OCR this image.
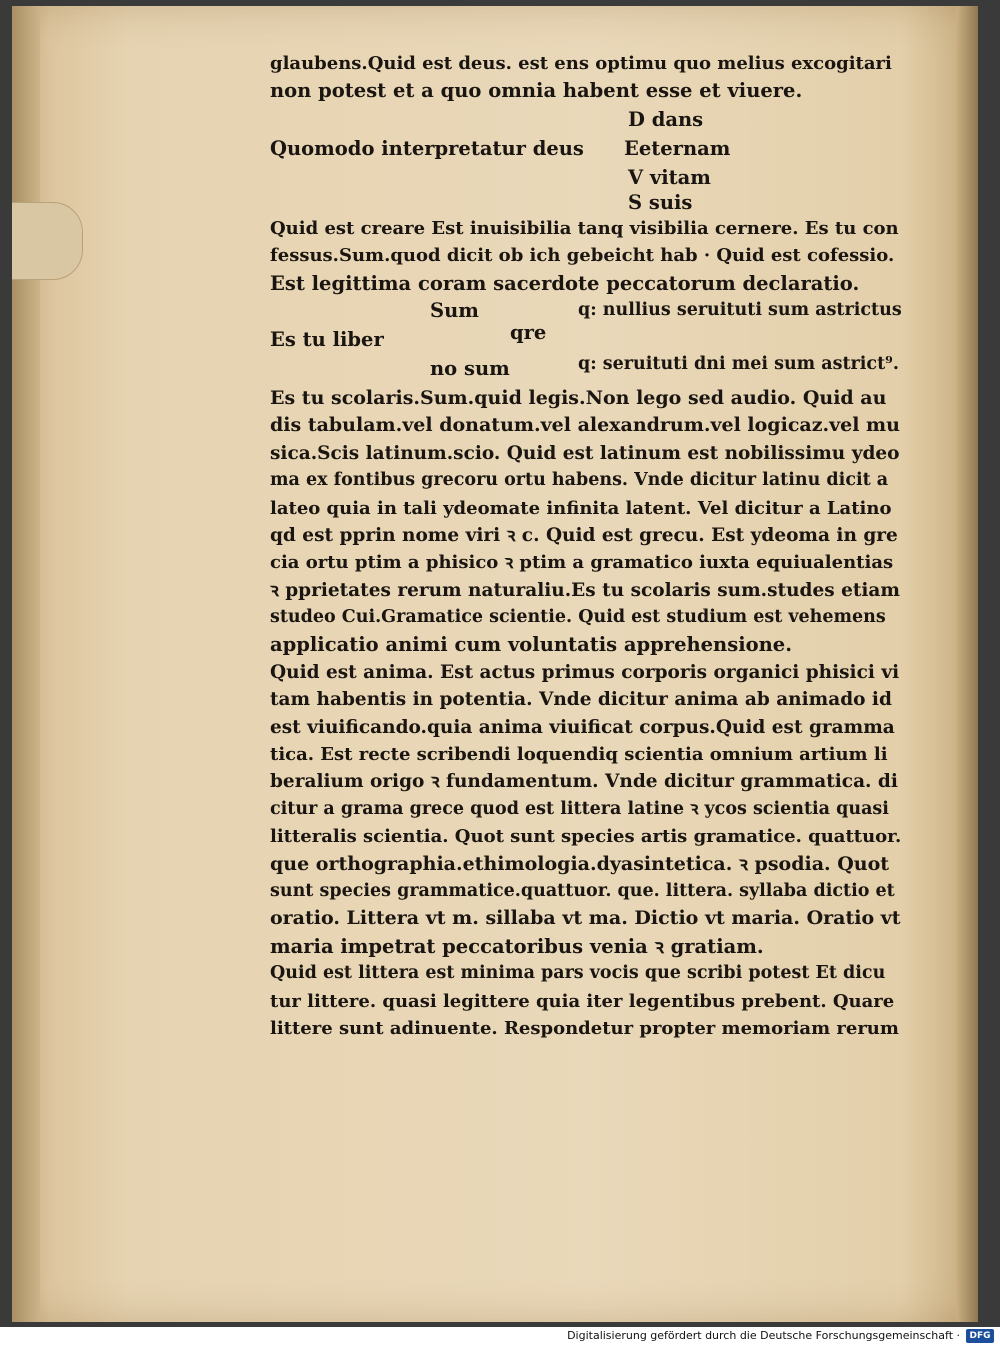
glaubens.Quid est deus. est ens optimu quo melius excogitari
non potest et a quo omnia habent esse et viuere.
D dans
Quomodo interpretatur deus Eeternam
V vitam
S suis
Quid est creare Est inuisibilia tanq visibilia cernere. Es tu con
fessus.Sum.quod dicit ob ich gebeicht hab · Quid est cofessio.
Est legittima coram sacerdote peccatorum declaratio.
Sum	q: nullius seruituti sum astrictus
Es tu liber	qre
no sum	q: seruituti dni mei sum astrict⁹.
Es tu scolaris.Sum.quid legis.Non lego sed audio. Quid au
dis tabulam.vel donatum.vel alexandrum.vel logicaz.vel mu
sica.Scis latinum.scio. Quid est latinum est nobilissimu ydeo
ma ex fontibus grecoru ortu habens. Vnde dicitur latinu dicit a
lateo quia in tali ydeomate infinita latent. Vel dicitur a Latino
qd est pprin nome viri ꝛ c. Quid est grecu. Est ydeoma in gre
cia ortu ptim a phisico ꝛ ptim a gramatico iuxta equiualentias
ꝛ pprietates rerum naturaliu.Es tu scolaris sum.studes etiam
studeo Cui.Gramatice scientie. Quid est studium est vehemens
applicatio animi cum voluntatis apprehensione.
Quid est anima. Est actus primus corporis organici phisici vi
tam habentis in potentia. Vnde dicitur anima ab animado id
est viuificando.quia anima viuificat corpus.Quid est gramma
tica. Est recte scribendi loquendiq scientia omnium artium li
beralium origo ꝛ fundamentum. Vnde dicitur grammatica. di
citur a grama grece quod est littera latine ꝛ ycos scientia quasi
litteralis scientia. Quot sunt species artis gramatice. quattuor.
que orthographia.ethimologia.dyasintetica. ꝛ psodia. Quot
sunt species grammatice.quattuor. que. littera. syllaba dictio et
oratio. Littera vt m. sillaba vt ma. Dictio vt maria. Oratio vt
maria impetrat peccatoribus venia ꝛ gratiam.
Quid est littera est minima pars vocis que scribi potest Et dicu
tur littere. quasi legittere quia iter legentibus prebent. Quare
littere sunt adinuente. Respondetur propter memoriam rerum
Digitalisierung gefördert durch die Deutsche Forschungsgemeinschaft ·	DFG
